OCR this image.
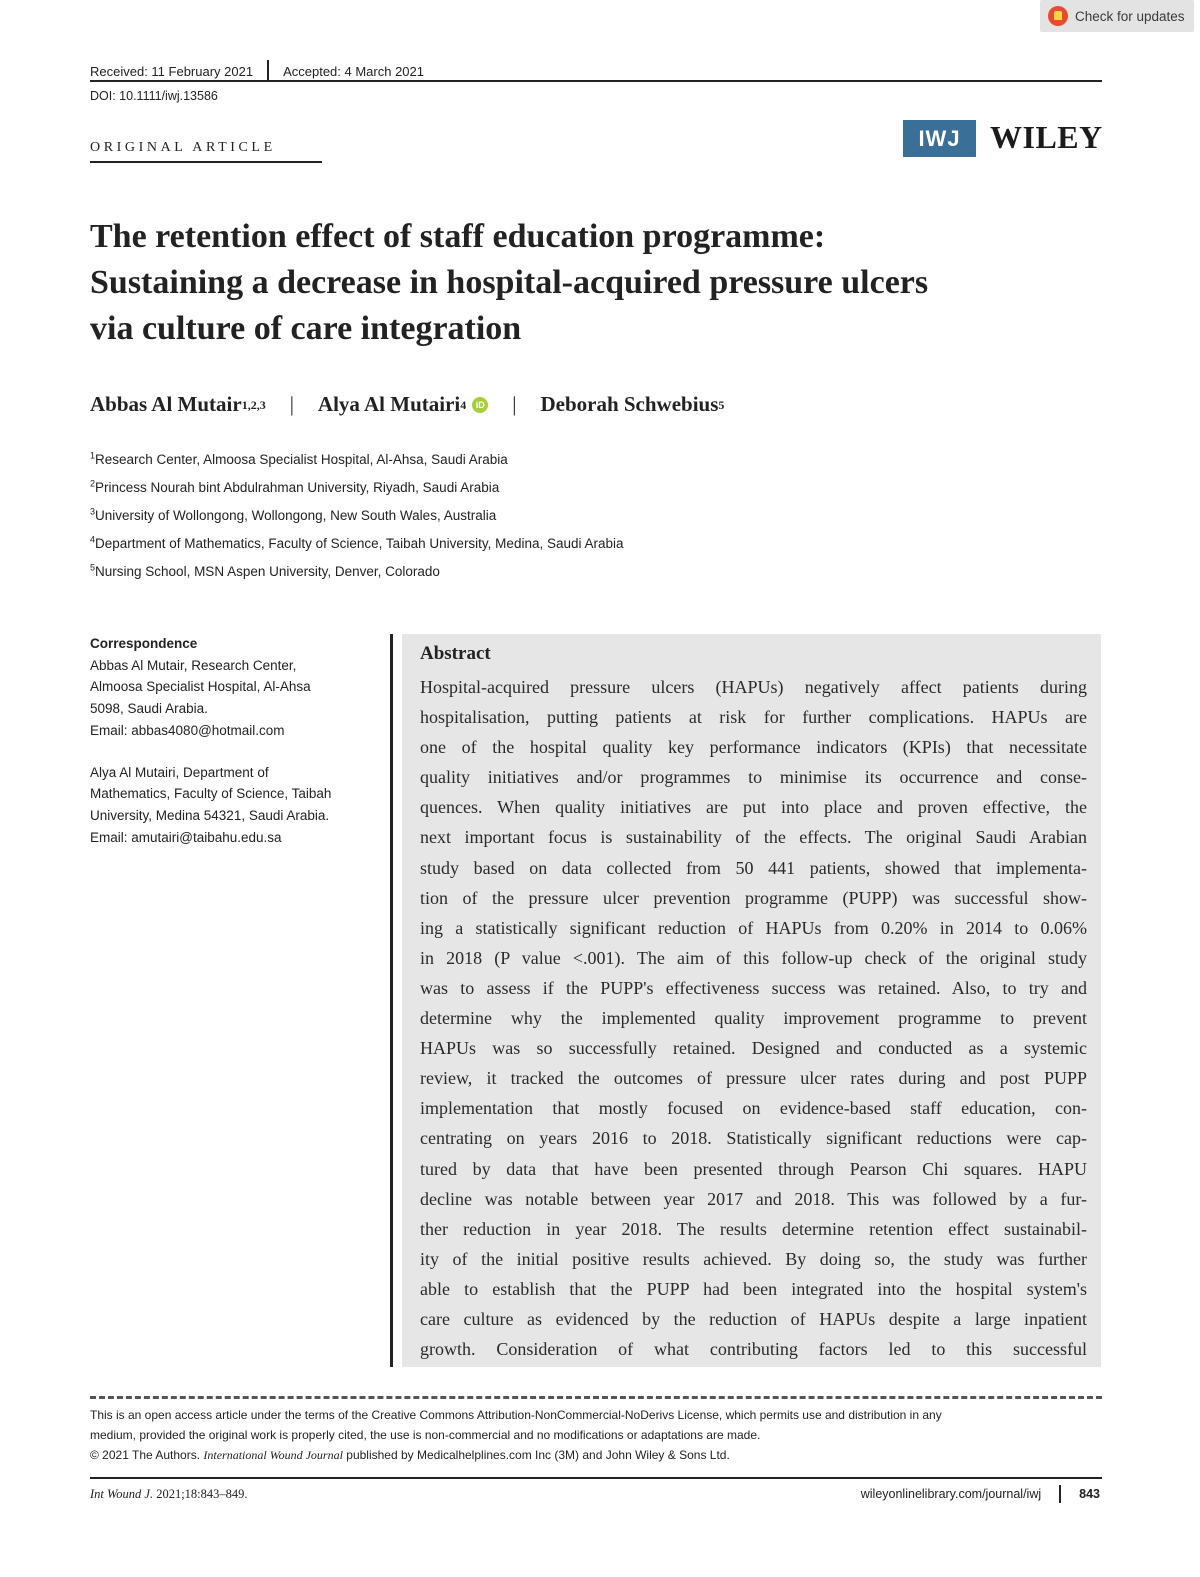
Check for updates
Received: 11 February 2021 Accepted: 4 March 2021
DOI: 10.1111/iwj.13586
ORIGINAL ARTICLE	IWJ WILEY
The retention effect of staff education programme:
Sustaining a decrease in hospital-acquired pressure ulcers
via culture of care integration
Abbas Al Mutair 1,2,3 | Alya Al Mutairi 4	iD | Deborah Schwebius 5
$^1$Research Center, Almoosa Specialist Hospital, Al-Ahsa, Saudi Arabia
$^2$Princess Nourah bint Abdulrahman University, Riyadh, Saudi Arabia
$^3$University of Wollongong, Wollongong, New South Wales, Australia
$^4$Department of Mathematics, Faculty of Science, Taibah University, Medina, Saudi Arabia
$^5$Nursing School, MSN Aspen University, Denver, Colorado
Correspondence

Abbas Al Mutair, Research Center,
Almoosa Specialist Hospital, Al-Ahsa
5098, Saudi Arabia.
Email: abbas4080@hotmail.com

Alya Al Mutairi, Department of
Mathematics, Faculty of Science, Taibah
University, Medina 54321, Saudi Arabia.
Email: amutairi@taibahu.edu.sa

Abstract
Hospital-acquired pressure ulcers (HAPUs) negatively affect patients during
hospitalisation, putting patients at risk for further complications. HAPUs are
one of the hospital quality key performance indicators (KPIs) that necessitate
quality initiatives and/or programmes to minimise its occurrence and conse-
quences. When quality initiatives are put into place and proven effective, the
next important focus is sustainability of the effects. The original Saudi Arabian
study based on data collected from 50 441 patients, showed that implementa-
tion of the pressure ulcer prevention programme (PUPP) was successful show-
ing a statistically significant reduction of HAPUs from 0.20% in 2014 to 0.06%
in 2018 (P value <.001). The aim of this follow-up check of the original study
was to assess if the PUPP's effectiveness success was retained. Also, to try and
determine why the implemented quality improvement programme to prevent
HAPUs was so successfully retained. Designed and conducted as a systemic
review, it tracked the outcomes of pressure ulcer rates during and post PUPP
implementation that mostly focused on evidence-based staff education, con-
centrating on years 2016 to 2018. Statistically significant reductions were cap-
tured by data that have been presented through Pearson Chi squares. HAPU
decline was notable between year 2017 and 2018. This was followed by a fur-
ther reduction in year 2018. The results determine retention effect sustainabil-
ity of the initial positive results achieved. By doing so, the study was further
able to establish that the PUPP had been integrated into the hospital system's
care culture as evidenced by the reduction of HAPUs despite a large inpatient
growth. Consideration of what contributing factors led to this successful
This is an open access article under the terms of the Creative Commons Attribution-NonCommercial-NoDerivs License, which permits use and distribution in any
medium, provided the original work is properly cited, the use is non-commercial and no modifications or adaptations are made.
© 2021 The Authors. International Wound Journal published by Medicalhelplines.com Inc (3M) and John Wiley & Sons Ltd.
Int Wound J. 2021;18:843–849.	wileyonlinelibrary.com/journal/iwj	843
